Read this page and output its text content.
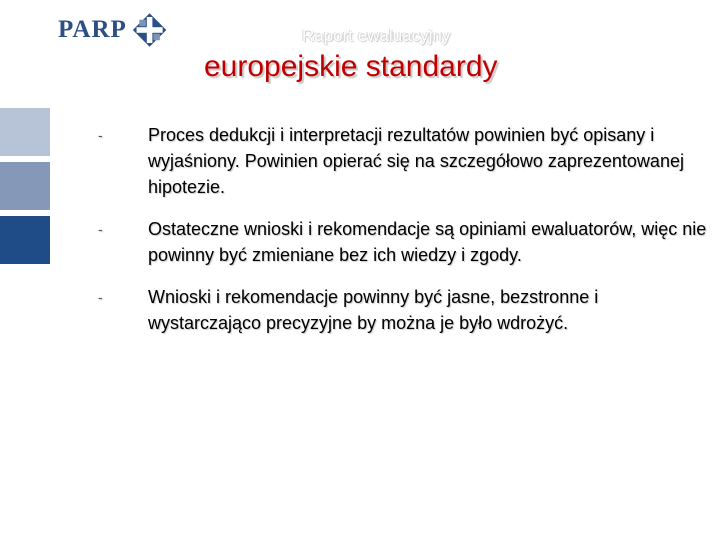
PARP	Raport ewaluacyjny
europejskie standardy
-	Proces dedukcji i interpretacji rezultatów powinien być opisany i wyjaśniony. Powinien opierać się na szczegółowo zaprezentowanej hipotezie.
-	Ostateczne wnioski i rekomendacje są opiniami ewaluatorów, więc nie powinny być zmieniane bez ich wiedzy i zgody.
-	Wnioski i rekomendacje powinny być jasne, bezstronne i wystarczająco precyzyjne by można je było wdrożyć.
